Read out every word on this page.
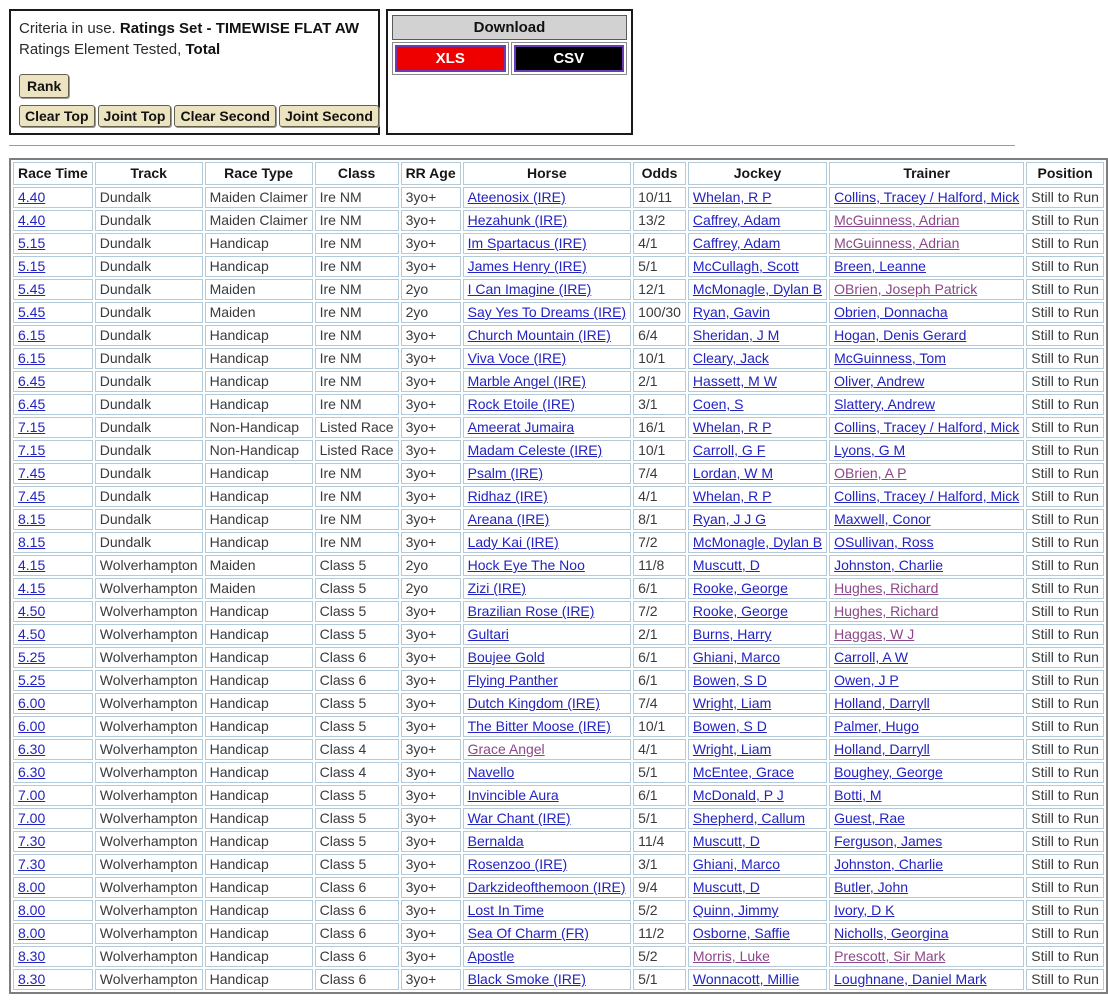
Criteria in use. Ratings Set - TIMEWISE FLAT AW
Ratings Element Tested, Total
Rank
Clear Top	Joint Top	Clear Second	Joint Second
Download

XLS	CSV
Race Time	Track	Race Type	Class	RR Age	Horse	Odds	Jockey	Trainer	Position
4.40	Dundalk	Maiden Claimer	Ire NM	3yo+	Ateenosix (IRE)	10/11	Whelan, R P	Collins, Tracey / Halford, Mick	Still to Run
4.40	Dundalk	Maiden Claimer	Ire NM	3yo+	Hezahunk (IRE)	13/2	Caffrey, Adam	McGuinness, Adrian	Still to Run
5.15	Dundalk	Handicap	Ire NM	3yo+	Im Spartacus (IRE)	4/1	Caffrey, Adam	McGuinness, Adrian	Still to Run
5.15	Dundalk	Handicap	Ire NM	3yo+	James Henry (IRE)	5/1	McCullagh, Scott	Breen, Leanne	Still to Run
5.45	Dundalk	Maiden	Ire NM	2yo	I Can Imagine (IRE)	12/1	McMonagle, Dylan B	OBrien, Joseph Patrick	Still to Run
5.45	Dundalk	Maiden	Ire NM	2yo	Say Yes To Dreams (IRE)	100/30	Ryan, Gavin	Obrien, Donnacha	Still to Run
6.15	Dundalk	Handicap	Ire NM	3yo+	Church Mountain (IRE)	6/4	Sheridan, J M	Hogan, Denis Gerard	Still to Run
6.15	Dundalk	Handicap	Ire NM	3yo+	Viva Voce (IRE)	10/1	Cleary, Jack	McGuinness, Tom	Still to Run
6.45	Dundalk	Handicap	Ire NM	3yo+	Marble Angel (IRE)	2/1	Hassett, M W	Oliver, Andrew	Still to Run
6.45	Dundalk	Handicap	Ire NM	3yo+	Rock Etoile (IRE)	3/1	Coen, S	Slattery, Andrew	Still to Run
7.15	Dundalk	Non-Handicap	Listed Race	3yo+	Ameerat Jumaira	16/1	Whelan, R P	Collins, Tracey / Halford, Mick	Still to Run
7.15	Dundalk	Non-Handicap	Listed Race	3yo+	Madam Celeste (IRE)	10/1	Carroll, G F	Lyons, G M	Still to Run
7.45	Dundalk	Handicap	Ire NM	3yo+	Psalm (IRE)	7/4	Lordan, W M	OBrien, A P	Still to Run
7.45	Dundalk	Handicap	Ire NM	3yo+	Ridhaz (IRE)	4/1	Whelan, R P	Collins, Tracey / Halford, Mick	Still to Run
8.15	Dundalk	Handicap	Ire NM	3yo+	Areana (IRE)	8/1	Ryan, J J G	Maxwell, Conor	Still to Run
8.15	Dundalk	Handicap	Ire NM	3yo+	Lady Kai (IRE)	7/2	McMonagle, Dylan B	OSullivan, Ross	Still to Run
4.15	Wolverhampton	Maiden	Class 5	2yo	Hock Eye The Noo	11/8	Muscutt, D	Johnston, Charlie	Still to Run
4.15	Wolverhampton	Maiden	Class 5	2yo	Zizi (IRE)	6/1	Rooke, George	Hughes, Richard	Still to Run
4.50	Wolverhampton	Handicap	Class 5	3yo+	Brazilian Rose (IRE)	7/2	Rooke, George	Hughes, Richard	Still to Run
4.50	Wolverhampton	Handicap	Class 5	3yo+	Gultari	2/1	Burns, Harry	Haggas, W J	Still to Run
5.25	Wolverhampton	Handicap	Class 6	3yo+	Boujee Gold	6/1	Ghiani, Marco	Carroll, A W	Still to Run
5.25	Wolverhampton	Handicap	Class 6	3yo+	Flying Panther	6/1	Bowen, S D	Owen, J P	Still to Run
6.00	Wolverhampton	Handicap	Class 5	3yo+	Dutch Kingdom (IRE)	7/4	Wright, Liam	Holland, Darryll	Still to Run
6.00	Wolverhampton	Handicap	Class 5	3yo+	The Bitter Moose (IRE)	10/1	Bowen, S D	Palmer, Hugo	Still to Run
6.30	Wolverhampton	Handicap	Class 4	3yo+	Grace Angel	4/1	Wright, Liam	Holland, Darryll	Still to Run
6.30	Wolverhampton	Handicap	Class 4	3yo+	Navello	5/1	McEntee, Grace	Boughey, George	Still to Run
7.00	Wolverhampton	Handicap	Class 5	3yo+	Invincible Aura	6/1	McDonald, P J	Botti, M	Still to Run
7.00	Wolverhampton	Handicap	Class 5	3yo+	War Chant (IRE)	5/1	Shepherd, Callum	Guest, Rae	Still to Run
7.30	Wolverhampton	Handicap	Class 5	3yo+	Bernalda	11/4	Muscutt, D	Ferguson, James	Still to Run
7.30	Wolverhampton	Handicap	Class 5	3yo+	Rosenzoo (IRE)	3/1	Ghiani, Marco	Johnston, Charlie	Still to Run
8.00	Wolverhampton	Handicap	Class 6	3yo+	Darkzideofthemoon (IRE)	9/4	Muscutt, D	Butler, John	Still to Run
8.00	Wolverhampton	Handicap	Class 6	3yo+	Lost In Time	5/2	Quinn, Jimmy	Ivory, D K	Still to Run
8.00	Wolverhampton	Handicap	Class 6	3yo+	Sea Of Charm (FR)	11/2	Osborne, Saffie	Nicholls, Georgina	Still to Run
8.30	Wolverhampton	Handicap	Class 6	3yo+	Apostle	5/2	Morris, Luke	Prescott, Sir Mark	Still to Run
8.30	Wolverhampton	Handicap	Class 6	3yo+	Black Smoke (IRE)	5/1	Wonnacott, Millie	Loughnane, Daniel Mark	Still to Run
